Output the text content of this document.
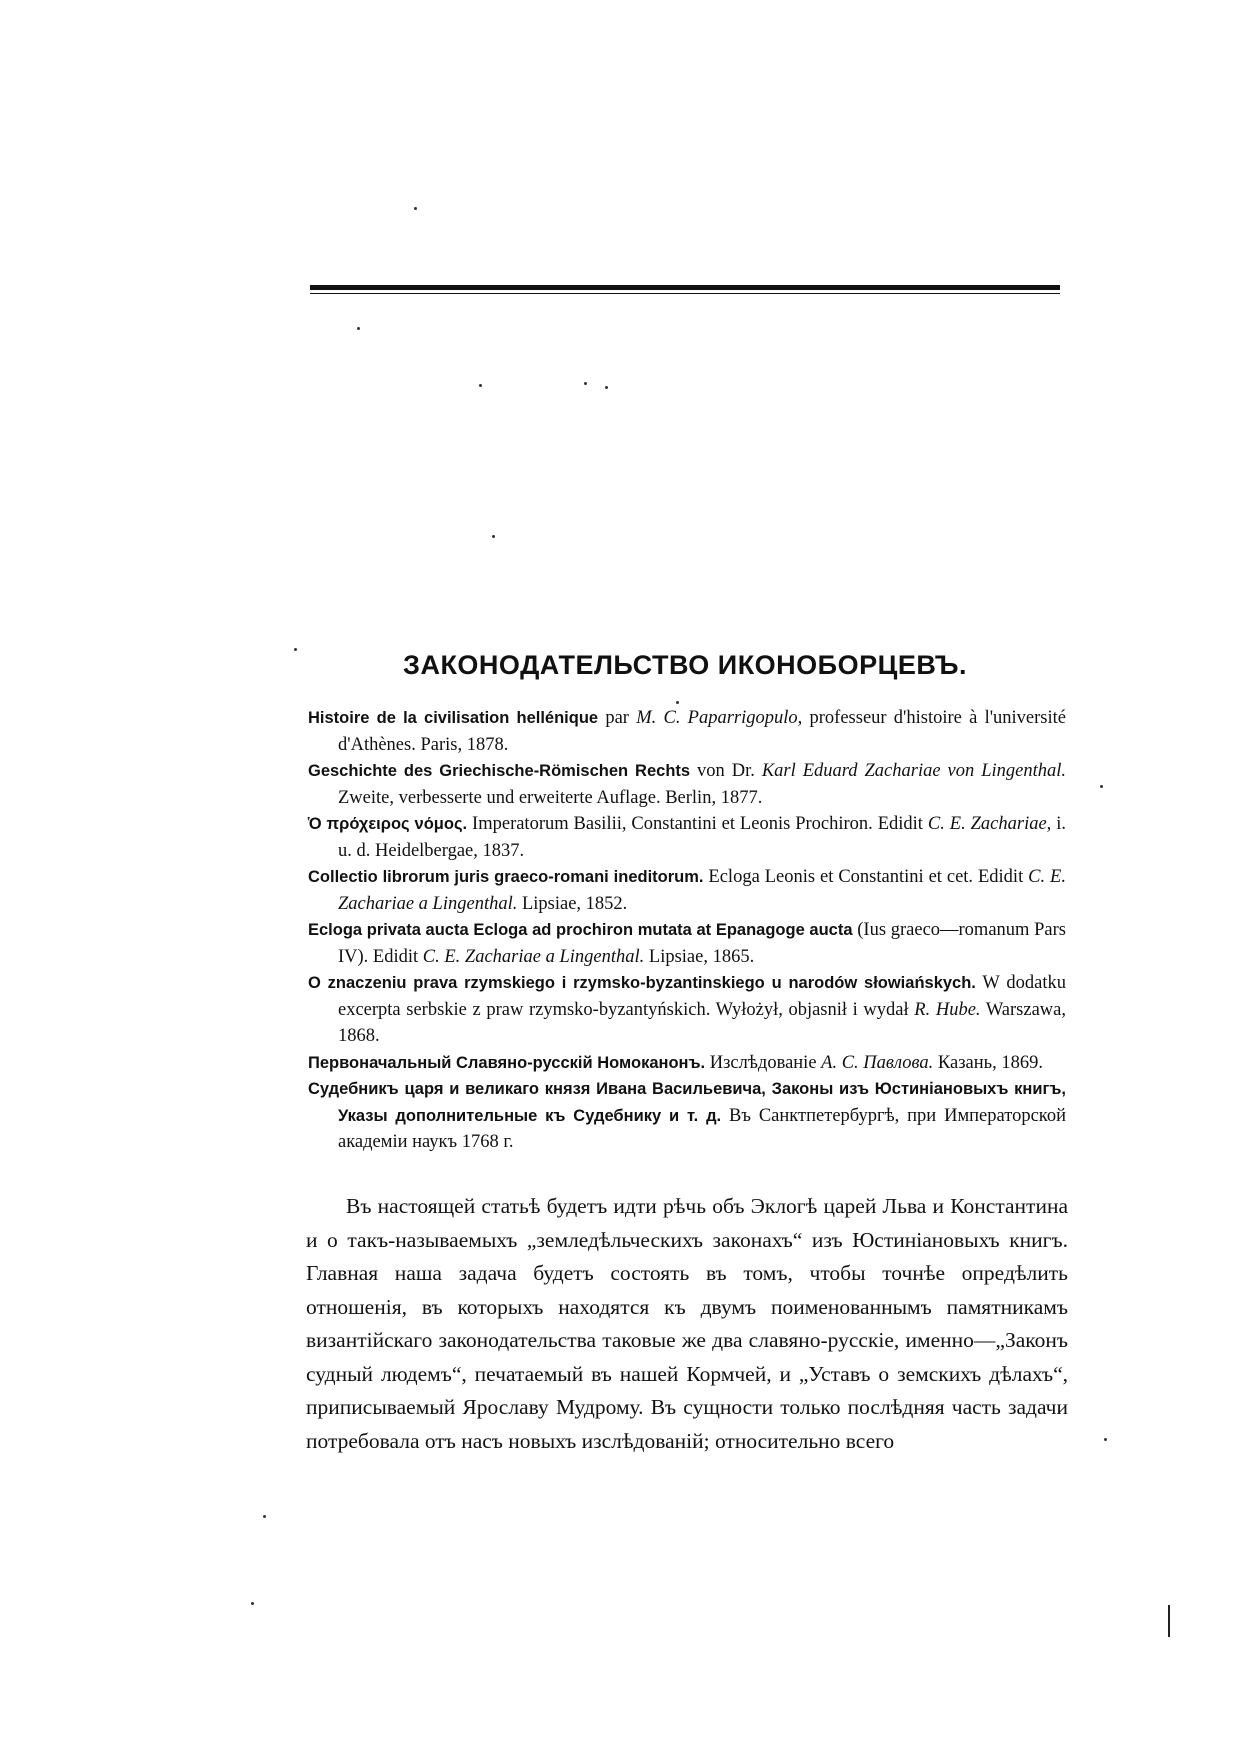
ЗАКОНОДАТЕЛЬСТВО ИКОНОБОРЦЕВЪ.

Histoire de la civilisation hellénique par M. C. Paparrigopulo, professeur d'histoire à l'université d'Athènes. Paris, 1878.

Geschichte des Griechische-Römischen Rechts von Dr. Karl Eduard Zachariae von Lingenthal. Zweite, verbesserte und erweiterte Auflage. Berlin, 1877.

Ὁ πρόχειρος νόμος. Imperatorum Basilii, Constantini et Leonis Prochiron. Edidit C. E. Zachariae, i. u. d. Heidelbergae, 1837.

Collectio librorum juris graeco-romani ineditorum. Ecloga Leonis et Constantini et cet. Edidit C. E. Zachariae a Lingenthal. Lipsiae, 1852.

Ecloga privata aucta Ecloga ad prochiron mutata at Epanagoge aucta (Ius graeco—romanum Pars IV). Edidit C. E. Zachariae a Lingenthal. Lipsiae, 1865.

O znaczeniu prava rzymskiego i rzymsko-byzantinskiego u narodów słowiańskych. W dodatku excerpta serbskie z praw rzymsko-byzantyńskich. Wyłożył, objasnił i wydał R. Hube. Warszawa, 1868.

Первоначальный Славяно-русскій Номоканонъ. Изслѣдованіе А. С. Павлова. Казань, 1869.

Судебникъ царя и великаго князя Ивана Васильевича, Законы изъ Юстиніановыхъ книгъ, Указы дополнительные къ Судебнику и т. д. Въ Санктпетербургѣ, при Императорской академіи наукъ 1768 г.

Въ настоящей статьѣ будетъ идти рѣчь объ Эклогѣ царей Льва и Константина и о такъ-называемыхъ „земледѣльческихъ законахъ“ изъ Юстиніановыхъ книгъ. Главная наша задача будетъ состоять въ томъ, чтобы точнѣе опредѣлить отношенія, въ которыхъ находятся къ двумъ поименованнымъ памятникамъ византійскаго законодательства таковые же два славяно-русскіе, именно—„Законъ судный людемъ“, печатаемый въ нашей Кормчей, и „Уставъ о земскихъ дѣлахъ“, приписываемый Ярославу Мудрому. Въ сущности только послѣдняя часть задачи потребовала отъ насъ новыхъ изслѣдованій; относительно всего
